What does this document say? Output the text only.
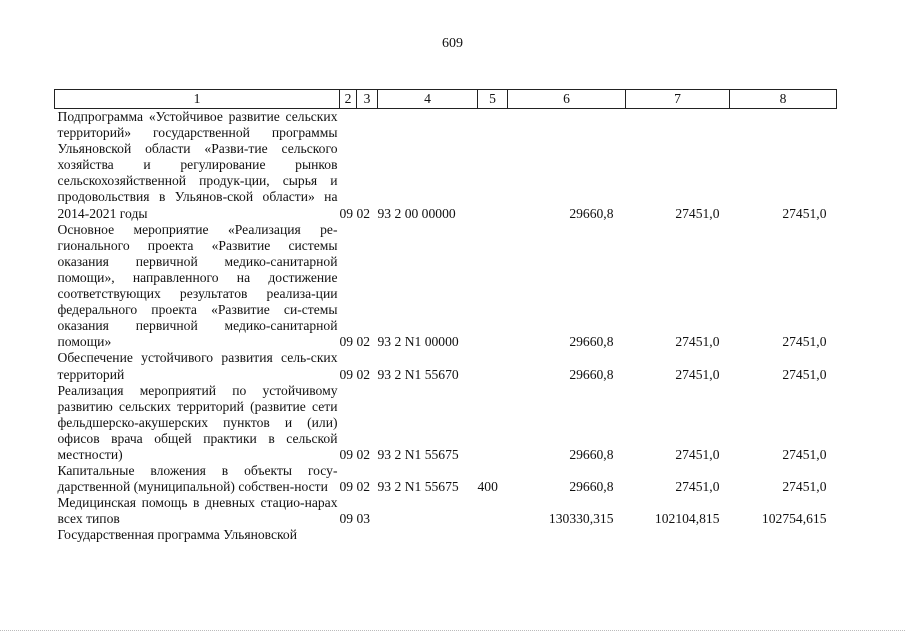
609
1	2	3	4	5	6	7	8
Подпрограмма «Устойчивое развитие сельских территорий» государственной программы Ульяновской области «Разви-тие сельского хозяйства и регулирование рынков сельскохозяйственной продук-ции, сырья и продовольствия в Ульянов-ской области» на 2014-2021 годы	09	02	93 2 00 00000		29660,8	27451,0	27451,0
Основное мероприятие «Реализация ре-гионального проекта «Развитие системы оказания первичной медико-санитарной помощи», направленного на достижение соответствующих результатов реализа-ции федерального проекта «Развитие си-стемы оказания первичной медико-санитарной помощи»	09	02	93 2 N1 00000		29660,8	27451,0	27451,0
Обеспечение устойчивого развития сель-ских территорий	09	02	93 2 N1 55670		29660,8	27451,0	27451,0
Реализация мероприятий по устойчивому развитию сельских территорий (развитие сети фельдшерско-акушерских пунктов и (или) офисов врача общей практики в сельской местности)	09	02	93 2 N1 55675		29660,8	27451,0	27451,0
Капитальные вложения в объекты госу-дарственной (муниципальной) собствен-ности	09	02	93 2 N1 55675	400	29660,8	27451,0	27451,0
Медицинская помощь в дневных стацио-нарах всех типов	09	03			130330,315	102104,815	102754,615
Государственная программа Ульяновской							
